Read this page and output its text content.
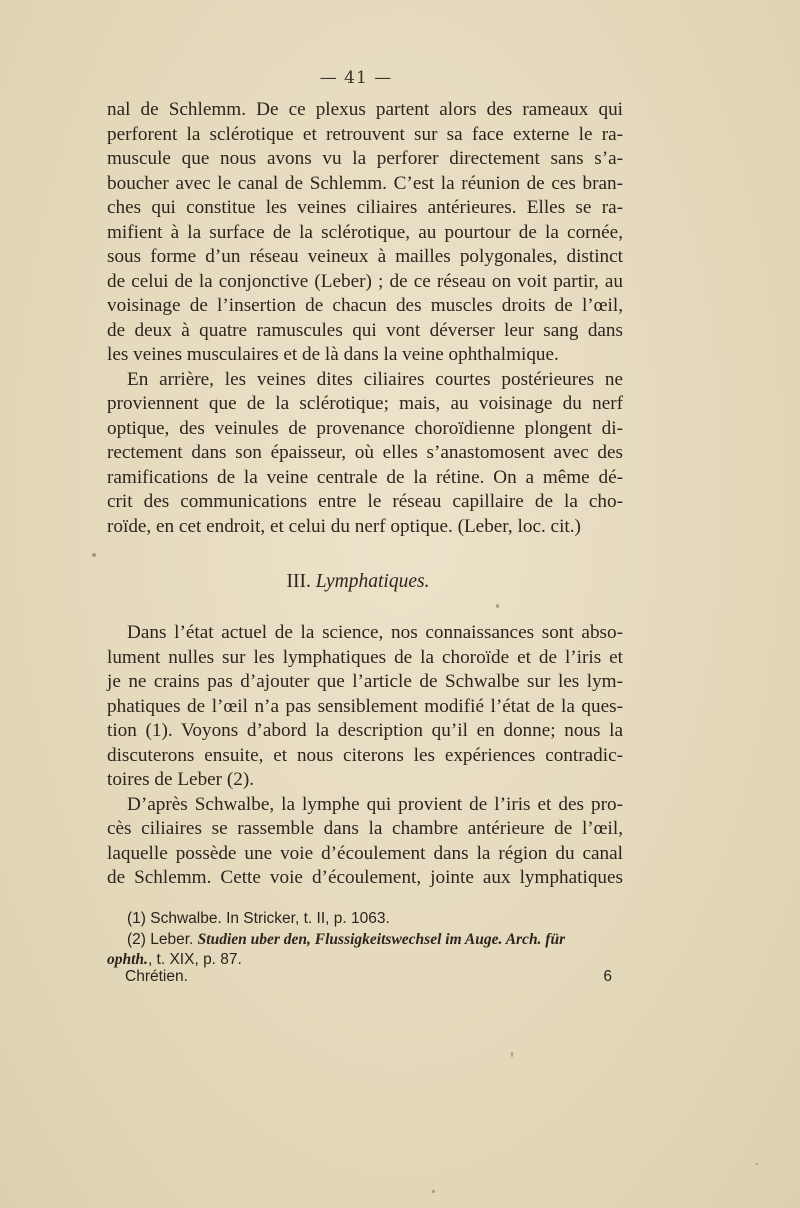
— 41 —
nal de Schlemm. De ce plexus partent alors des rameaux qui
perforent la sclérotique et retrouvent sur sa face externe le ra-
muscule que nous avons vu la perforer directement sans s’a-
boucher avec le canal de Schlemm. C’est la réunion de ces bran-
ches qui constitue les veines ciliaires antérieures. Elles se ra-
mifient à la surface de la sclérotique, au pourtour de la cornée,
sous forme d’un réseau veineux à mailles polygonales, distinct
de celui de la conjonctive (Leber) ; de ce réseau on voit partir, au
voisinage de l’insertion de chacun des muscles droits de l’œil,
de deux à quatre ramuscules qui vont déverser leur sang dans
les veines musculaires et de là dans la veine ophthalmique.
En arrière, les veines dites ciliaires courtes postérieures ne
proviennent que de la sclérotique; mais, au voisinage du nerf
optique, des veinules de provenance choroïdienne plongent di-
rectement dans son épaisseur, où elles s’anastomosent avec des
ramifications de la veine centrale de la rétine. On a même dé-
crit des communications entre le réseau capillaire de la cho-
roïde, en cet endroit, et celui du nerf optique. (Leber, loc. cit.)
III. Lymphatiques.
Dans l’état actuel de la science, nos connaissances sont abso-
lument nulles sur les lymphatiques de la choroïde et de l’iris et
je ne crains pas d’ajouter que l’article de Schwalbe sur les lym-
phatiques de l’œil n’a pas sensiblement modifié l’état de la ques-
tion (1). Voyons d’abord la description qu’il en donne; nous la
discuterons ensuite, et nous citerons les expériences contradic-
toires de Leber (2).
D’après Schwalbe, la lymphe qui provient de l’iris et des pro-
cès ciliaires se rassemble dans la chambre antérieure de l’œil,
laquelle possède une voie d’écoulement dans la région du canal
de Schlemm. Cette voie d’écoulement, jointe aux lymphatiques
(1) Schwalbe. In Stricker, t. II, p. 1063.
(2) Leber. Studien uber den, Flussigkeitswechsel im Auge. Arch. für
ophth., t. XIX, p. 87.
Chrétien.	6
